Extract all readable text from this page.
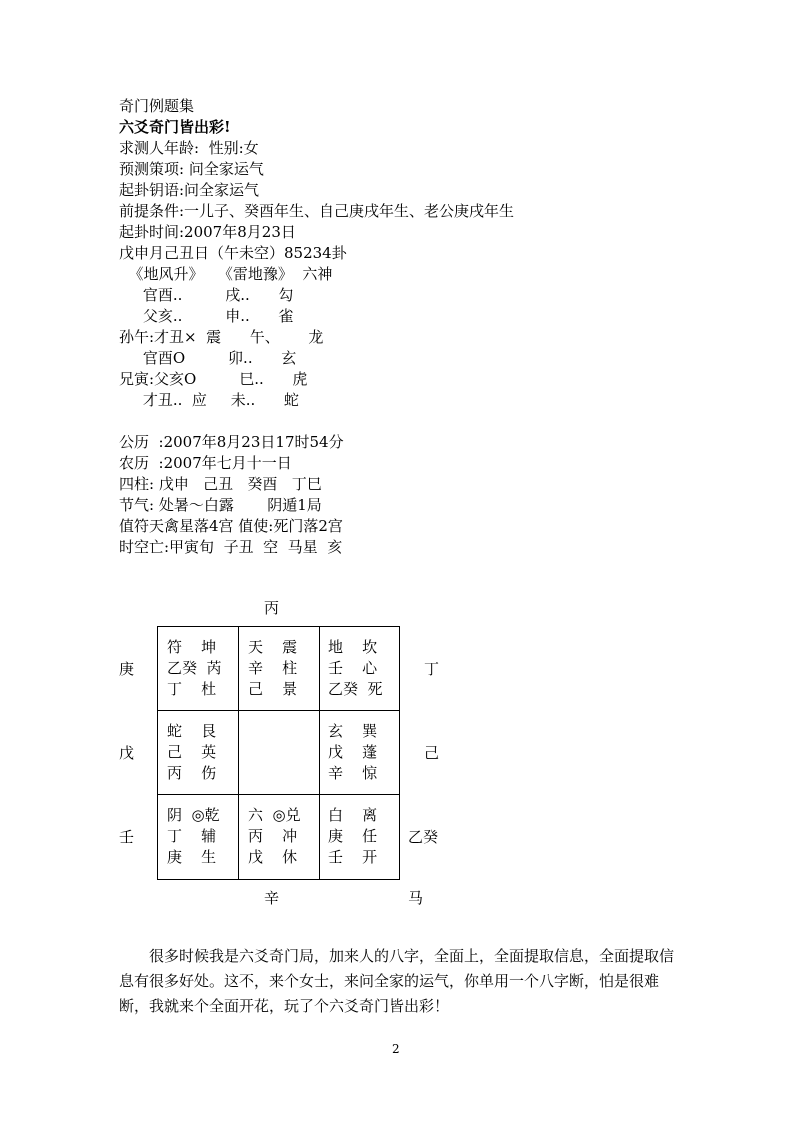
奇门例题集
六爻奇门皆出彩!
求测人年龄:  性别:女
预测策项: 问全家运气
起卦钥语:问全家运气
前提条件:一儿子、癸酉年生、自己庚戌年生、老公庚戌年生
起卦时间:2007年8月23日
戊申月己丑日（午未空）85234卦
《地风升》   《雷地豫》  六神
官酉..         戌..      勾
父亥..         申..      雀
孙午:才丑×  震      午、      龙
官酉O         卯..      玄
兄寅:父亥O         巳..      虎
才丑..  应     未..      蛇
公历  :2007年8月23日17时54分
农历  :2007年七月十一日
四柱: 戊申   己丑   癸酉   丁巳
节气: 处暑～白露       阴遁1局
值符天禽星落4宫 值使:死门落2宫
时空亡:甲寅旬  子丑  空  马星  亥
丙
庚
戊
壬
丁
己
乙癸
辛	马
符    坤
乙癸  芮
丁    杜
天    震
辛    柱
己    景
地    坎
壬    心
乙癸  死
蛇    艮
己    英
丙    伤
玄    巽
戊    蓬
辛    惊
阴  ◎乾
丁    辅
庚    生
六  ◎兑
丙    冲
戊    休
白    离
庚    任
壬    开
很多时候我是六爻奇门局，加来人的八字，全面上，全面提取信息，全面提取信息有很多好处。这不，来个女士，来问全家的运气，你单用一个八字断，怕是很难断，我就来个全面开花，玩了个六爻奇门皆出彩！
2
